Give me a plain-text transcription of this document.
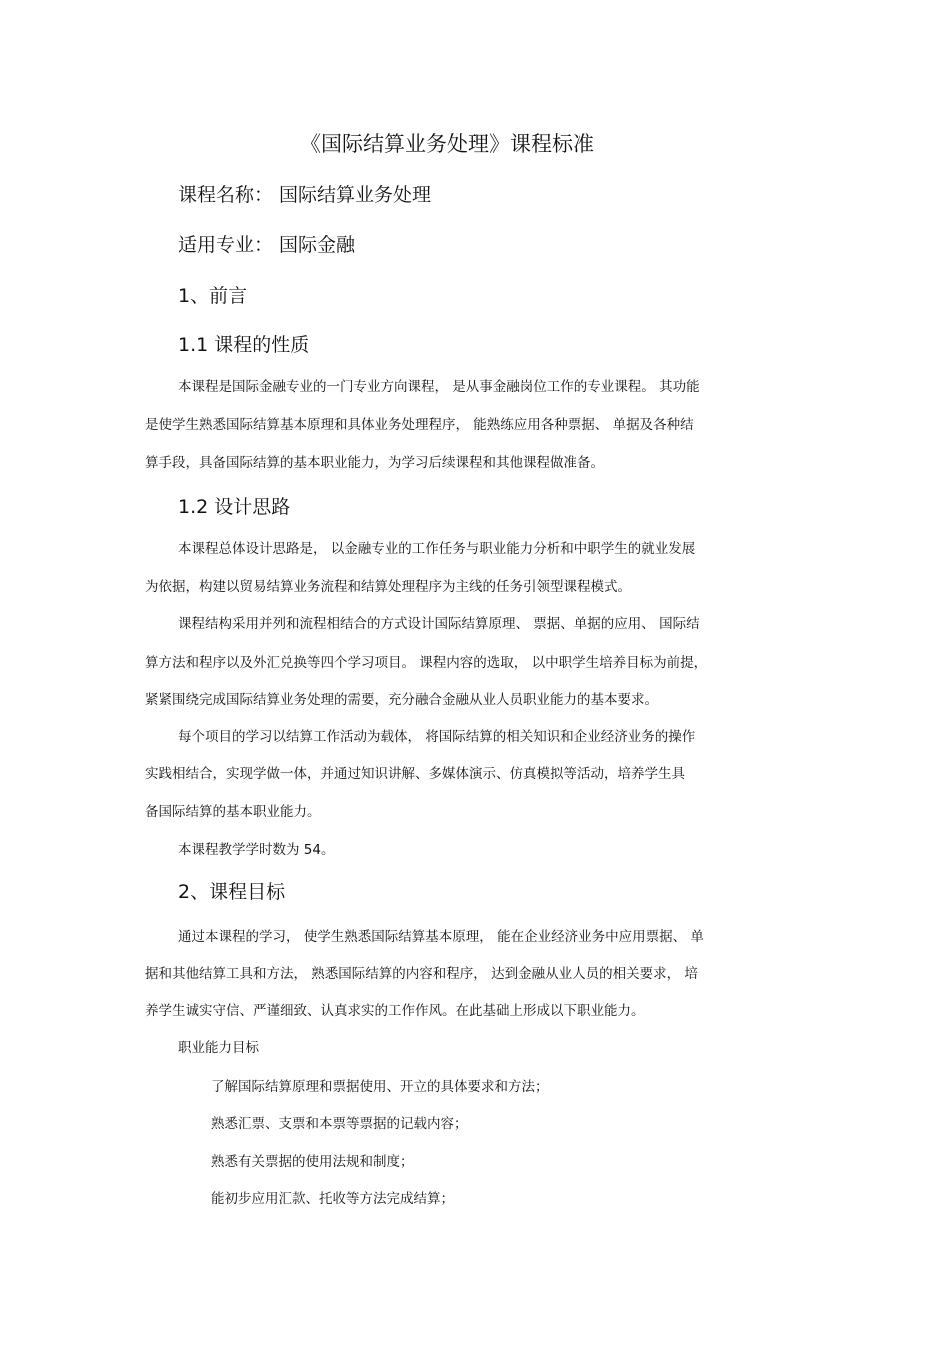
《国际结算业务处理》课程标准

课程名称： 国际结算业务处理

适用专业： 国际金融

1、前言

1.1 课程的性质

本课程是国际金融专业的一门专业方向课程， 是从事金融岗位工作的专业课程。 其功能

是使学生熟悉国际结算基本原理和具体业务处理程序， 能熟练应用各种票据、 单据及各种结

算手段，具备国际结算的基本职业能力，为学习后续课程和其他课程做准备。

1.2 设计思路

本课程总体设计思路是， 以金融专业的工作任务与职业能力分析和中职学生的就业发展

为依据，构建以贸易结算业务流程和结算处理程序为主线的任务引领型课程模式。

课程结构采用并列和流程相结合的方式设计国际结算原理、 票据、单据的应用、 国际结

算方法和程序以及外汇兑换等四个学习项目。 课程内容的选取， 以中职学生培养目标为前提，

紧紧围绕完成国际结算业务处理的需要，充分融合金融从业人员职业能力的基本要求。

每个项目的学习以结算工作活动为载体， 将国际结算的相关知识和企业经济业务的操作

实践相结合，实现学做一体，并通过知识讲解、多媒体演示、仿真模拟等活动，培养学生具

备国际结算的基本职业能力。

本课程教学学时数为 54。

2、课程目标

通过本课程的学习， 使学生熟悉国际结算基本原理， 能在企业经济业务中应用票据、 单

据和其他结算工具和方法， 熟悉国际结算的内容和程序， 达到金融从业人员的相关要求， 培

养学生诚实守信、严谨细致、认真求实的工作作风。在此基础上形成以下职业能力。

职业能力目标

了解国际结算原理和票据使用、开立的具体要求和方法；

熟悉汇票、支票和本票等票据的记载内容；

熟悉有关票据的使用法规和制度；

能初步应用汇款、托收等方法完成结算；
